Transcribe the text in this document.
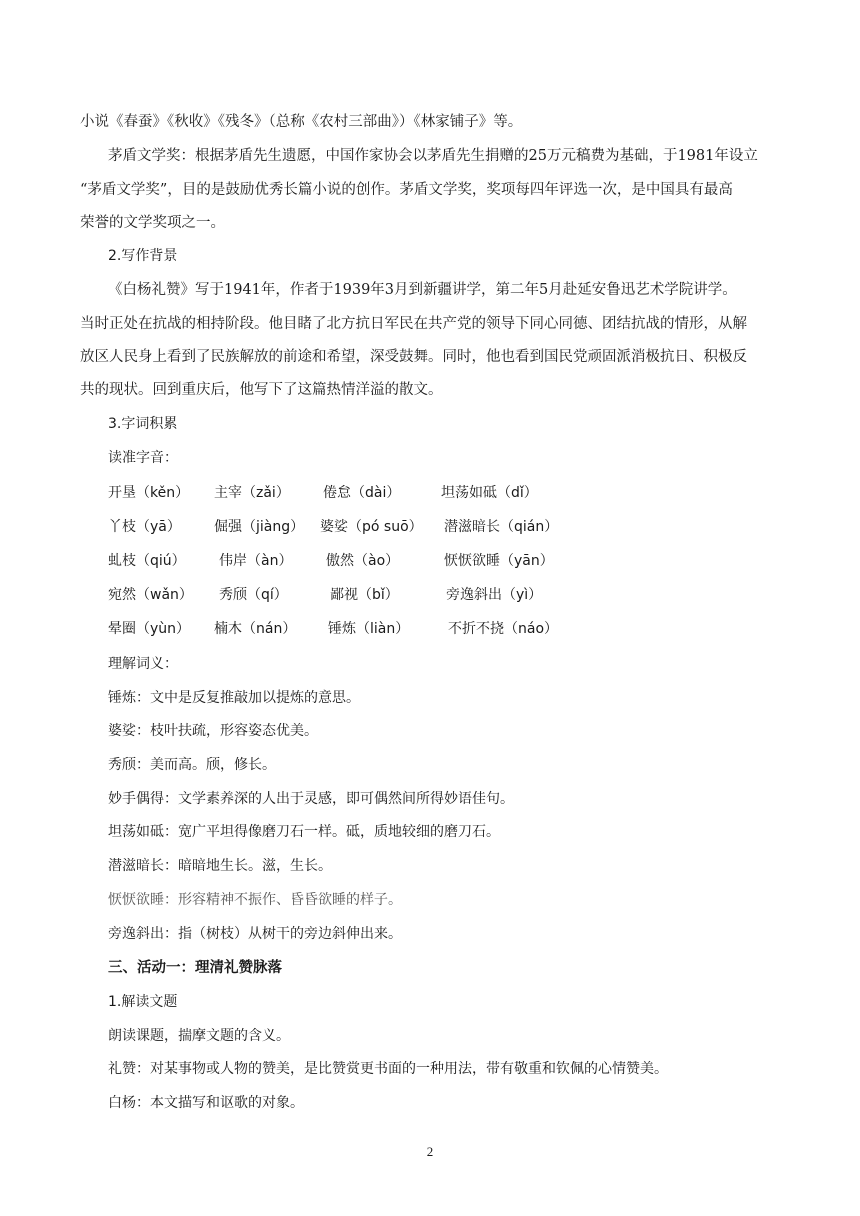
小说《春蚕》《秋收》《残冬》（总称《农村三部曲》）《林家铺子》等。
茅盾文学奖：根据茅盾先生遗愿，中国作家协会以茅盾先生捐赠的25万元稿费为基础，于1981年设立
“茅盾文学奖”，目的是鼓励优秀长篇小说的创作。茅盾文学奖，奖项每四年评选一次，是中国具有最高
荣誉的文学奖项之一。
2.写作背景
《白杨礼赞》写于1941年，作者于1939年3月到新疆讲学，第二年5月赴延安鲁迅艺术学院讲学。
当时正处在抗战的相持阶段。他目睹了北方抗日军民在共产党的领导下同心同德、团结抗战的情形，从解
放区人民身上看到了民族解放的前途和希望，深受鼓舞。同时，他也看到国民党顽固派消极抗日、积极反
共的现状。回到重庆后，他写下了这篇热情洋溢的散文。
3.字词积累
读准字音：
开垦（kěn） 主宰（zǎi） 倦怠（dài）	坦荡如砥（dǐ）
丫枝（yā） 倔强（jiàng） 婆娑（pó suō） 潜滋暗长（qián）
虬枝（qiú） 伟岸（àn） 傲然（ào）	恹恹欲睡（yān）
宛然（wǎn） 秀颀（qí）	鄙视（bǐ）	旁逸斜出（yì）
晕圈（yùn） 楠木（nán） 锤炼（liàn）	不折不挠（náo）
理解词义：
锤炼：文中是反复推敲加以提炼的意思。
婆娑：枝叶扶疏，形容姿态优美。
秀颀：美而高。颀，修长。
妙手偶得：文学素养深的人出于灵感，即可偶然间所得妙语佳句。
坦荡如砥：宽广平坦得像磨刀石一样。砥，质地较细的磨刀石。
潜滋暗长：暗暗地生长。滋，生长。
恹恹欲睡：形容精神不振作、昏昏欲睡的样子。
旁逸斜出：指（树枝）从树干的旁边斜伸出来。
三、活动一：理清礼赞脉落
1.解读文题
朗读课题，揣摩文题的含义。
礼赞：对某事物或人物的赞美，是比赞赏更书面的一种用法，带有敬重和钦佩的心情赞美。
白杨：本文描写和讴歌的对象。
2
